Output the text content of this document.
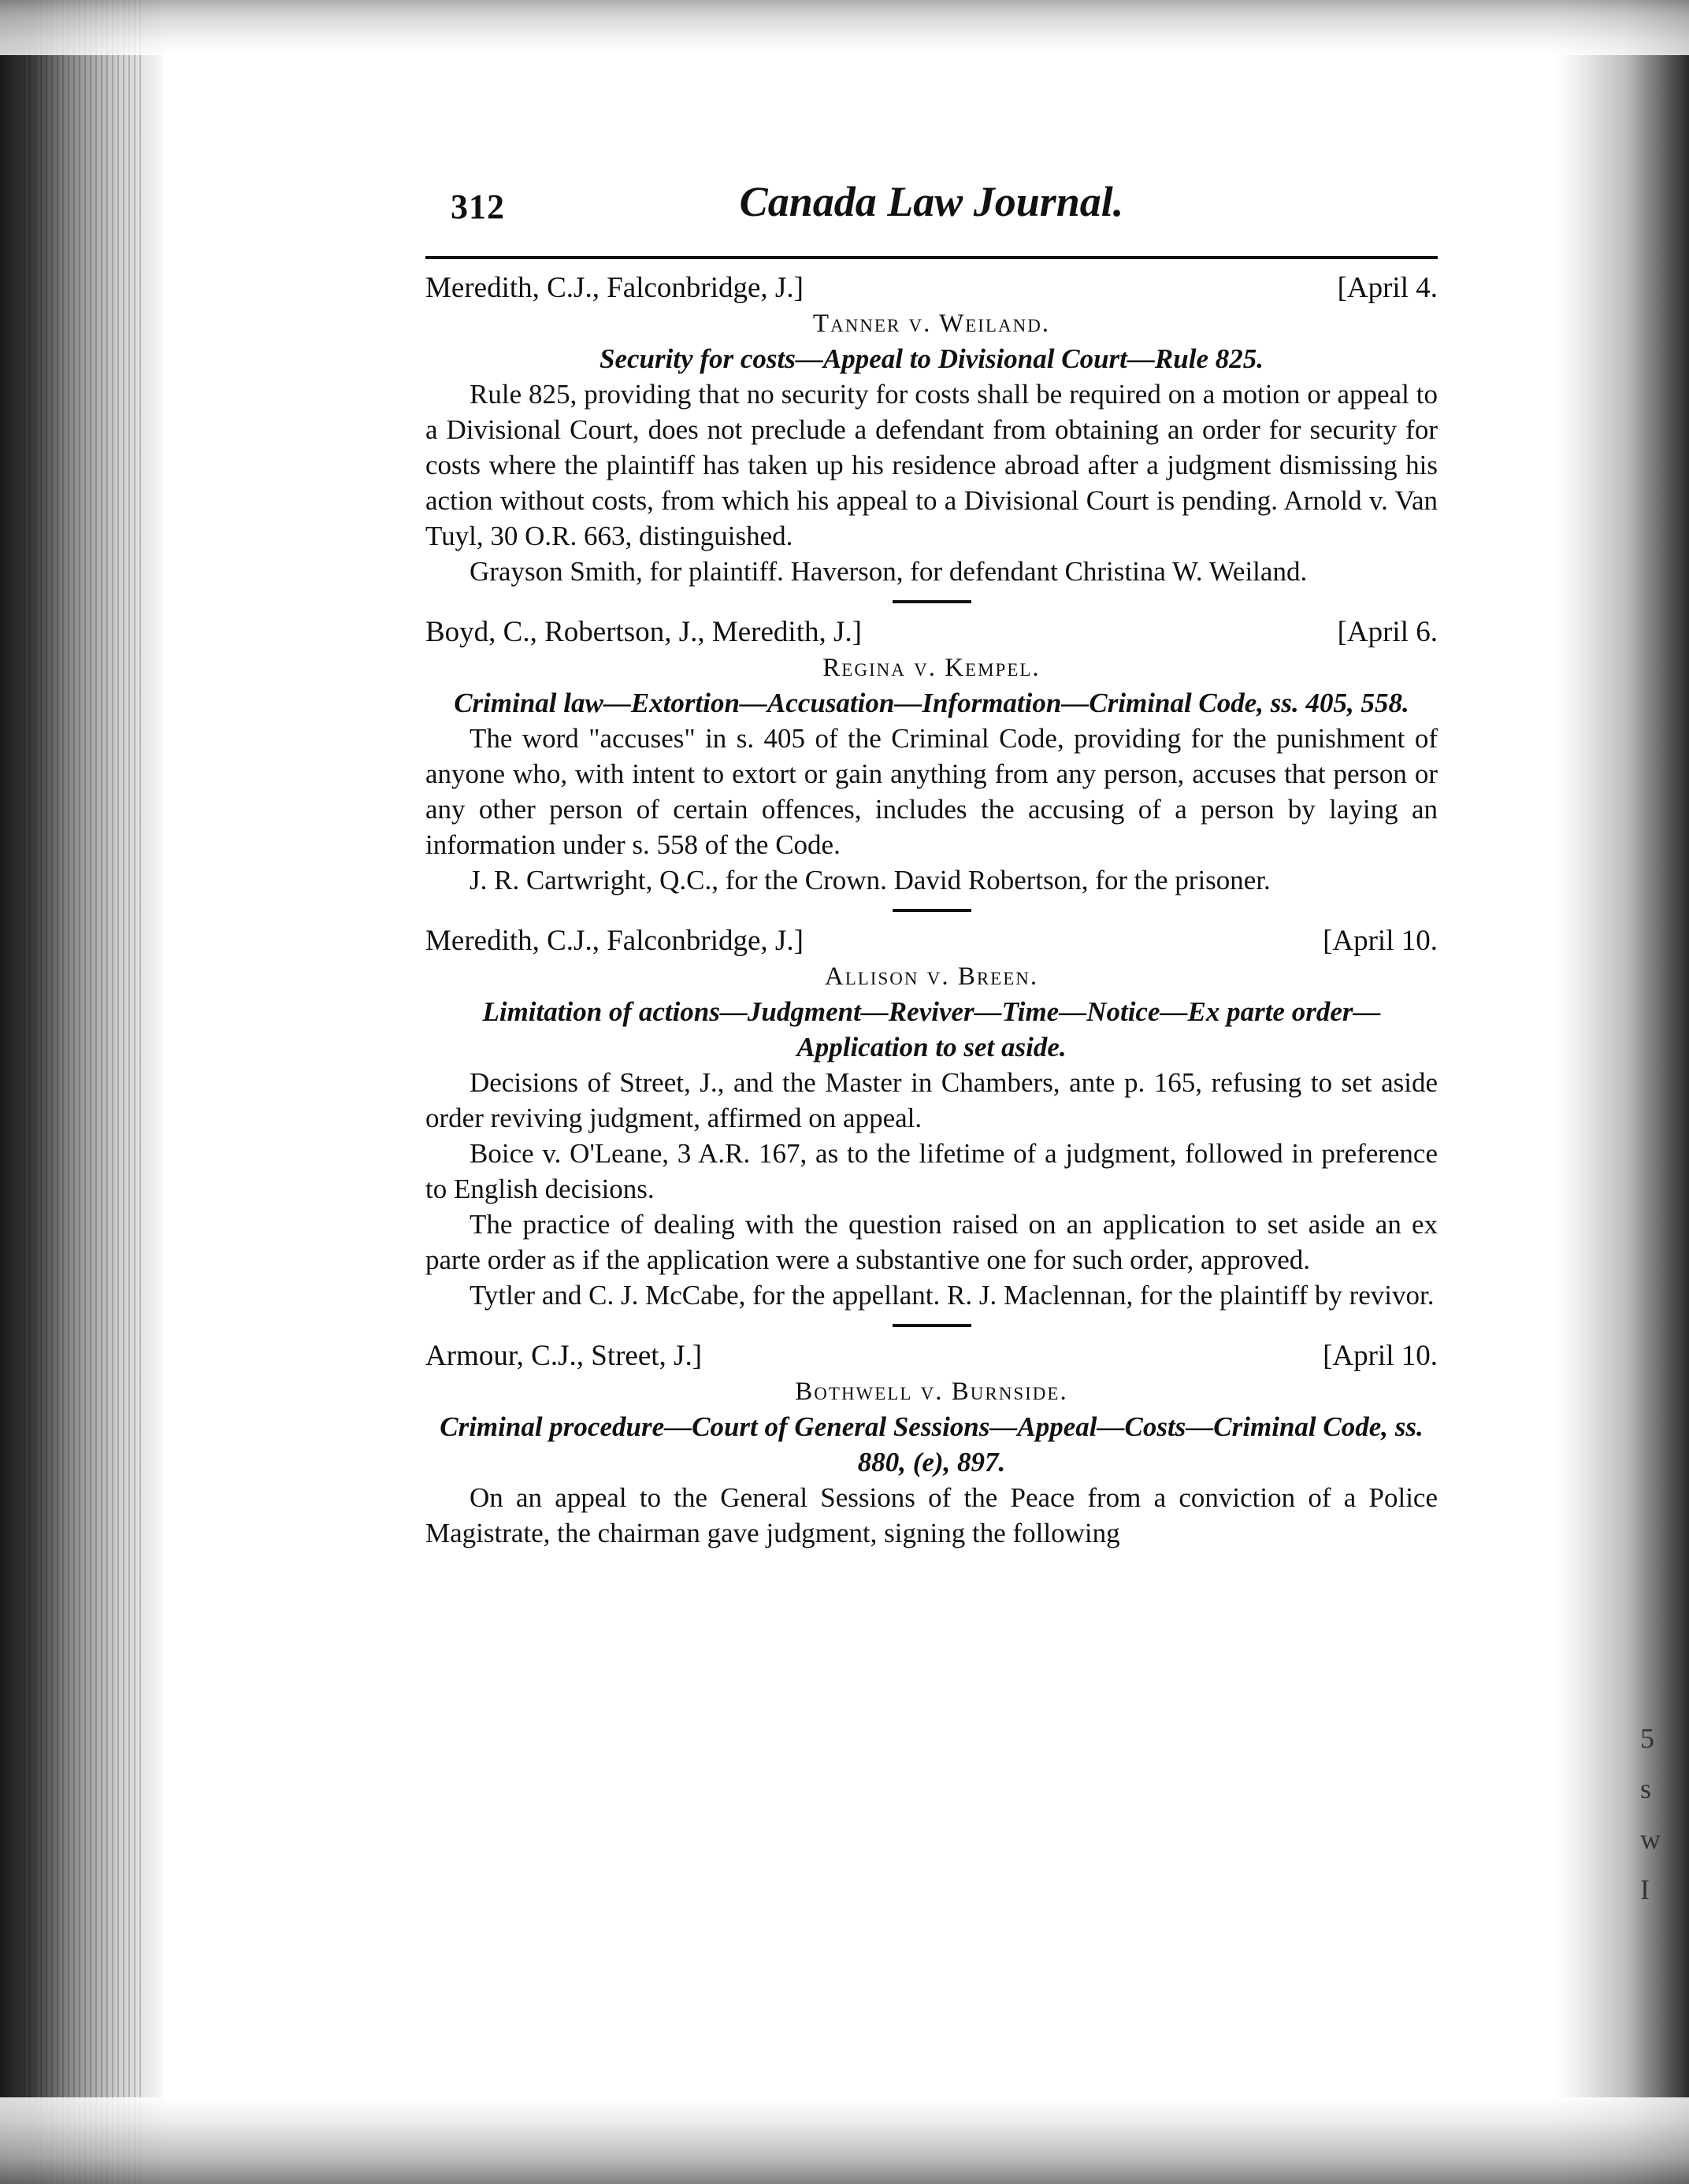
5
s
w
I
312	Canada Law Journal.
Meredith, C.J., Falconbridge, J.]	[April 4.
Tanner v. Weiland.
Security for costs—Appeal to Divisional Court—Rule 825.

Rule 825, providing that no security for costs shall be required on a motion or appeal to a Divisional Court, does not preclude a defendant from obtaining an order for security for costs where the plaintiff has taken up his residence abroad after a judgment dismissing his action without costs, from which his appeal to a Divisional Court is pending. Arnold v. Van Tuyl, 30 O.R. 663, distinguished.

Grayson Smith, for plaintiff. Haverson, for defendant Christina W. Weiland.

Boyd, C., Robertson, J., Meredith, J.]	[April 6.
Regina v. Kempel.
Criminal law—Extortion—Accusation—Information—Criminal Code, ss. 405, 558.

The word "accuses" in s. 405 of the Criminal Code, providing for the punishment of anyone who, with intent to extort or gain anything from any person, accuses that person or any other person of certain offences, includes the accusing of a person by laying an information under s. 558 of the Code.

J. R. Cartwright, Q.C., for the Crown. David Robertson, for the prisoner.

Meredith, C.J., Falconbridge, J.]	[April 10.
Allison v. Breen.
Limitation of actions—Judgment—Reviver—Time—Notice—Ex parte order—Application to set aside.

Decisions of Street, J., and the Master in Chambers, ante p. 165, refusing to set aside order reviving judgment, affirmed on appeal.

Boice v. O'Leane, 3 A.R. 167, as to the lifetime of a judgment, followed in preference to English decisions.

The practice of dealing with the question raised on an application to set aside an ex parte order as if the application were a substantive one for such order, approved.

Tytler and C. J. McCabe, for the appellant. R. J. Maclennan, for the plaintiff by revivor.

Armour, C.J., Street, J.]	[April 10.
Bothwell v. Burnside.
Criminal procedure—Court of General Sessions—Appeal—Costs—Criminal Code, ss. 880, (e), 897.

On an appeal to the General Sessions of the Peace from a conviction of a Police Magistrate, the chairman gave judgment, signing the following
